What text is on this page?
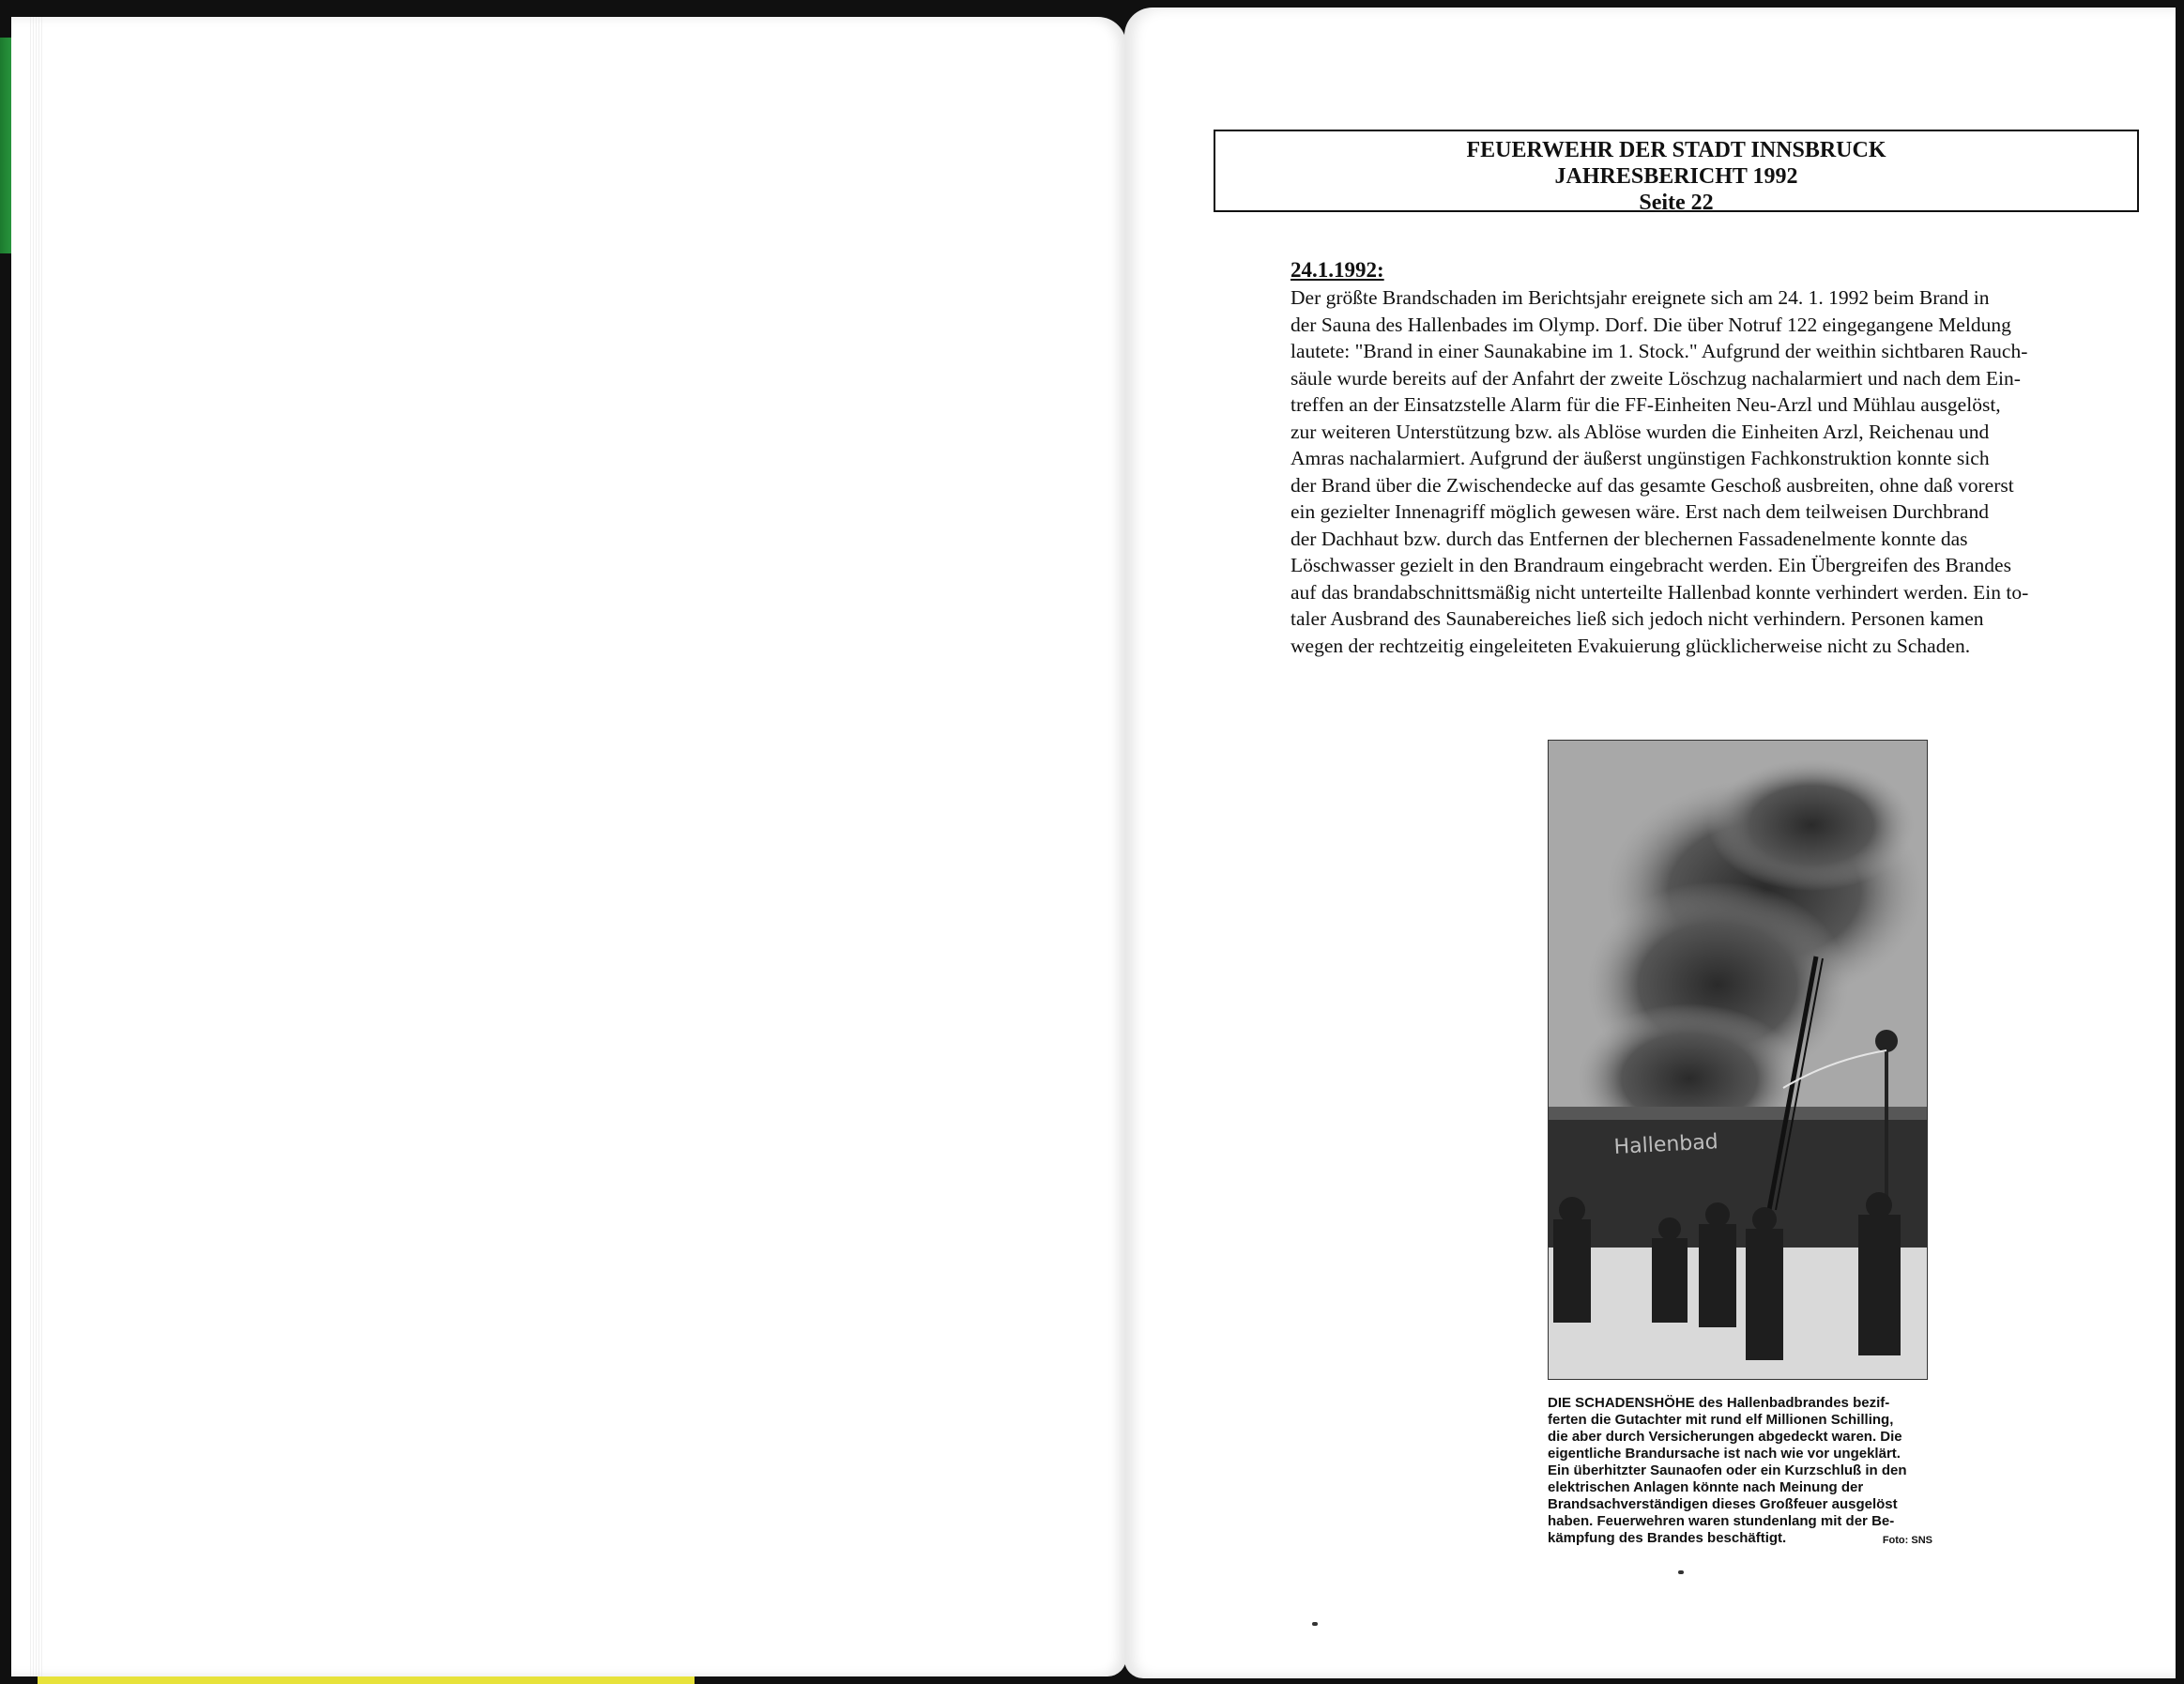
FEUERWEHR DER STADT INNSBRUCK
JAHRESBERICHT 1992
Seite 22
24.1.1992:
Der größte Brandschaden im Berichtsjahr ereignete sich am 24. 1. 1992 beim Brand in
der Sauna des Hallenbades im Olymp. Dorf. Die über Notruf 122 eingegangene Meldung
lautete: "Brand in einer Saunakabine im 1. Stock." Aufgrund der weithin sichtbaren Rauch-
säule wurde bereits auf der Anfahrt der zweite Löschzug nachalarmiert und nach dem Ein-
treffen an der Einsatzstelle Alarm für die FF-Einheiten Neu-Arzl und Mühlau ausgelöst,
zur weiteren Unterstützung bzw. als Ablöse wurden die Einheiten Arzl, Reichenau und
Amras nachalarmiert. Aufgrund der äußerst ungünstigen Fachkonstruktion konnte sich
der Brand über die Zwischendecke auf das gesamte Geschoß ausbreiten, ohne daß vorerst
ein gezielter Innenagriff möglich gewesen wäre. Erst nach dem teilweisen Durchbrand
der Dachhaut bzw. durch das Entfernen der blechernen Fassadenelmente konnte das
Löschwasser gezielt in den Brandraum eingebracht werden. Ein Übergreifen des Brandes
auf das brandabschnittsmäßig nicht unterteilte Hallenbad konnte verhindert werden. Ein to-
taler Ausbrand des Saunabereiches ließ sich jedoch nicht verhindern. Personen kamen
wegen der rechtzeitig eingeleiteten Evakuierung glücklicherweise nicht zu Schaden.
Hallenbad
DIE SCHADENSHÖHE des Hallenbadbrandes bezif-
ferten die Gutachter mit rund elf Millionen Schilling,
die aber durch Versicherungen abgedeckt waren. Die
eigentliche Brandursache ist nach wie vor ungeklärt.
Ein überhitzter Saunaofen oder ein Kurzschluß in den
elektrischen Anlagen könnte nach Meinung der
Brandsachverständigen dieses Großfeuer ausgelöst
haben. Feuerwehren waren stundenlang mit der Be-
kämpfung des Brandes beschäftigt.	Foto: SNS
